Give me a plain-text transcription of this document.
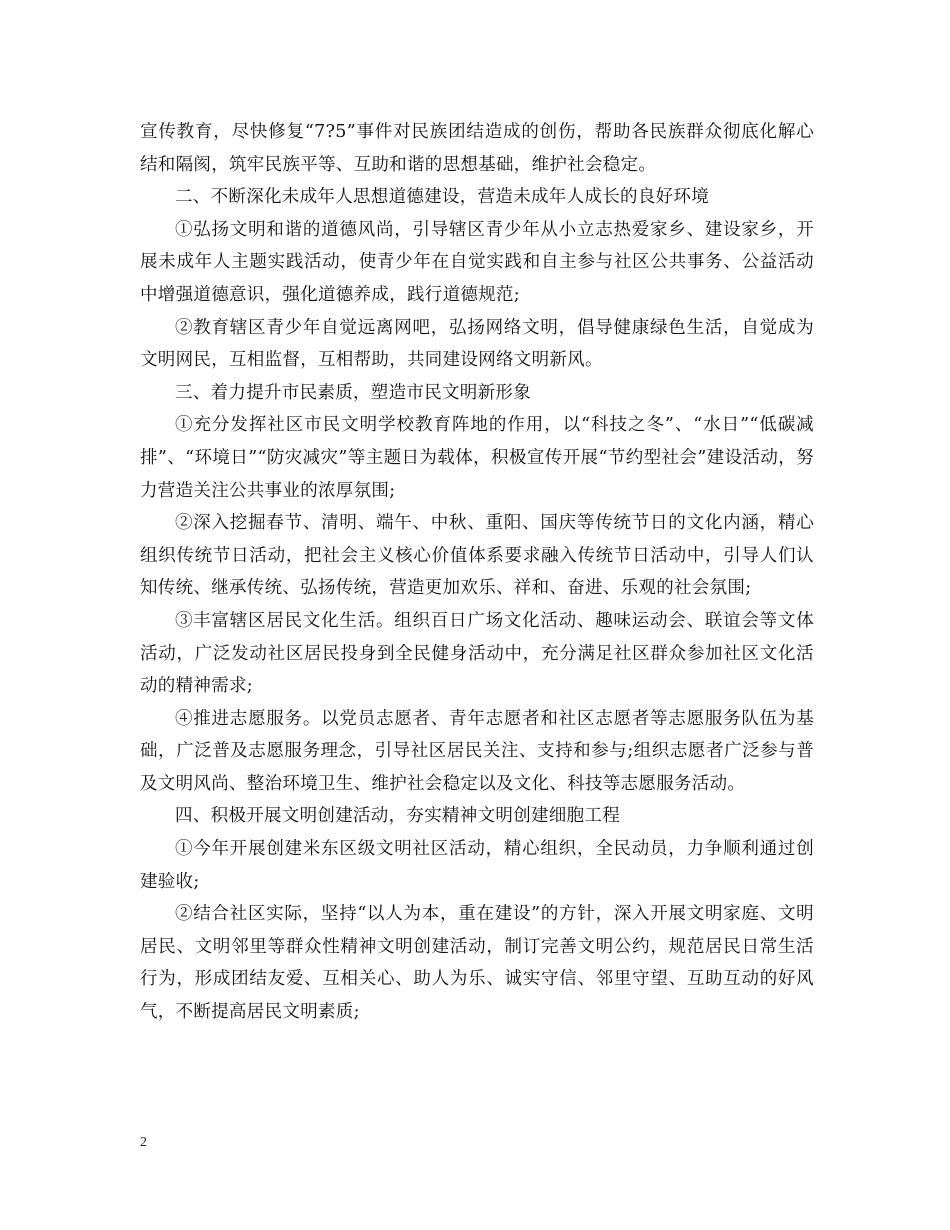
宣传教育，尽快修复“7?5”事件对民族团结造成的创伤，帮助各民族群众彻底化解心结和隔阂，筑牢民族平等、互助和谐的思想基础，维护社会稳定。

二、不断深化未成年人思想道德建设，营造未成年人成长的良好环境

①弘扬文明和谐的道德风尚，引导辖区青少年从小立志热爱家乡、建设家乡，开展未成年人主题实践活动，使青少年在自觉实践和自主参与社区公共事务、公益活动中增强道德意识，强化道德养成，践行道德规范;

②教育辖区青少年自觉远离网吧，弘扬网络文明，倡导健康绿色生活，自觉成为文明网民，互相监督，互相帮助，共同建设网络文明新风。

三、着力提升市民素质，塑造市民文明新形象

①充分发挥社区市民文明学校教育阵地的作用，以“科技之冬”、“水日”“低碳减排”、“环境日”“防灾减灾”等主题日为载体，积极宣传开展“节约型社会”建设活动，努力营造关注公共事业的浓厚氛围;

②深入挖掘春节、清明、端午、中秋、重阳、国庆等传统节日的文化内涵，精心组织传统节日活动，把社会主义核心价值体系要求融入传统节日活动中，引导人们认知传统、继承传统、弘扬传统，营造更加欢乐、祥和、奋进、乐观的社会氛围;

③丰富辖区居民文化生活。组织百日广场文化活动、趣味运动会、联谊会等文体活动，广泛发动社区居民投身到全民健身活动中，充分满足社区群众参加社区文化活动的精神需求;

④推进志愿服务。以党员志愿者、青年志愿者和社区志愿者等志愿服务队伍为基础，广泛普及志愿服务理念，引导社区居民关注、支持和参与;组织志愿者广泛参与普及文明风尚、整治环境卫生、维护社会稳定以及文化、科技等志愿服务活动。

四、积极开展文明创建活动，夯实精神文明创建细胞工程

①今年开展创建米东区级文明社区活动，精心组织，全民动员，力争顺利通过创建验收;

②结合社区实际，坚持“以人为本，重在建设”的方针，深入开展文明家庭、文明居民、文明邻里等群众性精神文明创建活动，制订完善文明公约，规范居民日常生活行为，形成团结友爱、互相关心、助人为乐、诚实守信、邻里守望、互助互动的好风气，不断提高居民文明素质;

2
